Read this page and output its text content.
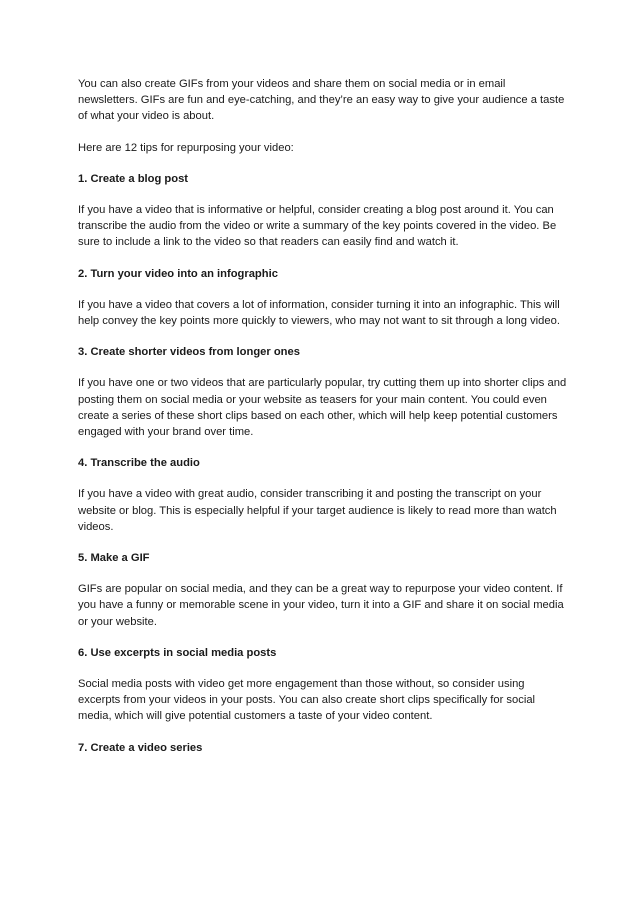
You can also create GIFs from your videos and share them on social media or in email newsletters. GIFs are fun and eye-catching, and they’re an easy way to give your audience a taste of what your video is about.

Here are 12 tips for repurposing your video:

1. Create a blog post

If you have a video that is informative or helpful, consider creating a blog post around it. You can transcribe the audio from the video or write a summary of the key points covered in the video. Be sure to include a link to the video so that readers can easily find and watch it.

2. Turn your video into an infographic

If you have a video that covers a lot of information, consider turning it into an infographic. This will help convey the key points more quickly to viewers, who may not want to sit through a long video.

3. Create shorter videos from longer ones

If you have one or two videos that are particularly popular, try cutting them up into shorter clips and posting them on social media or your website as teasers for your main content. You could even create a series of these short clips based on each other, which will help keep potential customers engaged with your brand over time.

4. Transcribe the audio

If you have a video with great audio, consider transcribing it and posting the transcript on your website or blog. This is especially helpful if your target audience is likely to read more than watch videos.

5. Make a GIF

GIFs are popular on social media, and they can be a great way to repurpose your video content. If you have a funny or memorable scene in your video, turn it into a GIF and share it on social media or your website.

6. Use excerpts in social media posts

Social media posts with video get more engagement than those without, so consider using excerpts from your videos in your posts. You can also create short clips specifically for social media, which will give potential customers a taste of your video content.

7. Create a video series
